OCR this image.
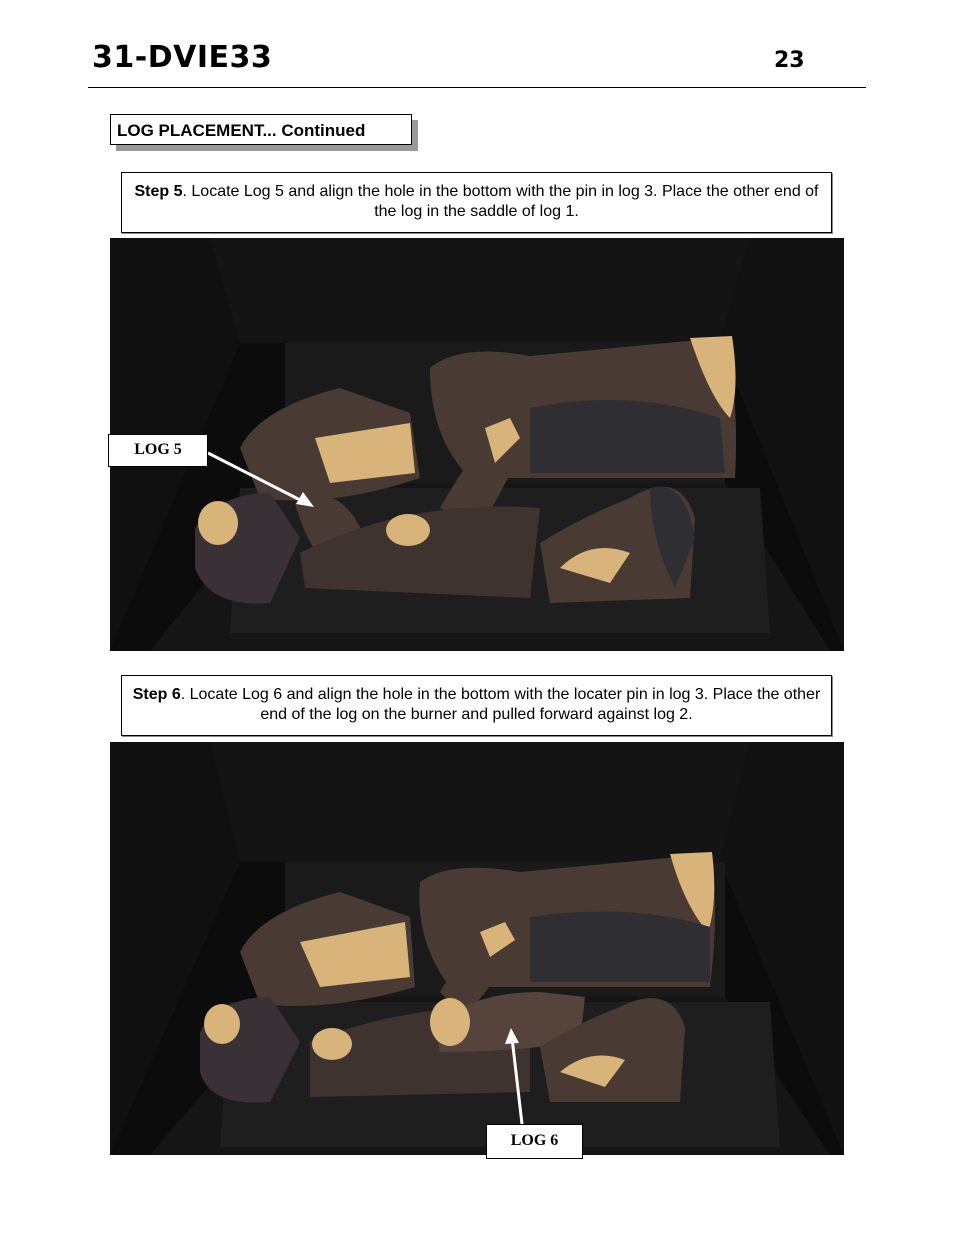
31-DVIE33	23
LOG PLACEMENT... Continued
Step 5. Locate Log 5 and align the hole in the bottom with the pin in log 3. Place the other end of the log in the saddle of log 1.
LOG 5
Step 6. Locate Log 6 and align the hole in the bottom with the locater pin in log 3. Place the other end of the log on the burner and pulled forward against log 2.
LOG 6
